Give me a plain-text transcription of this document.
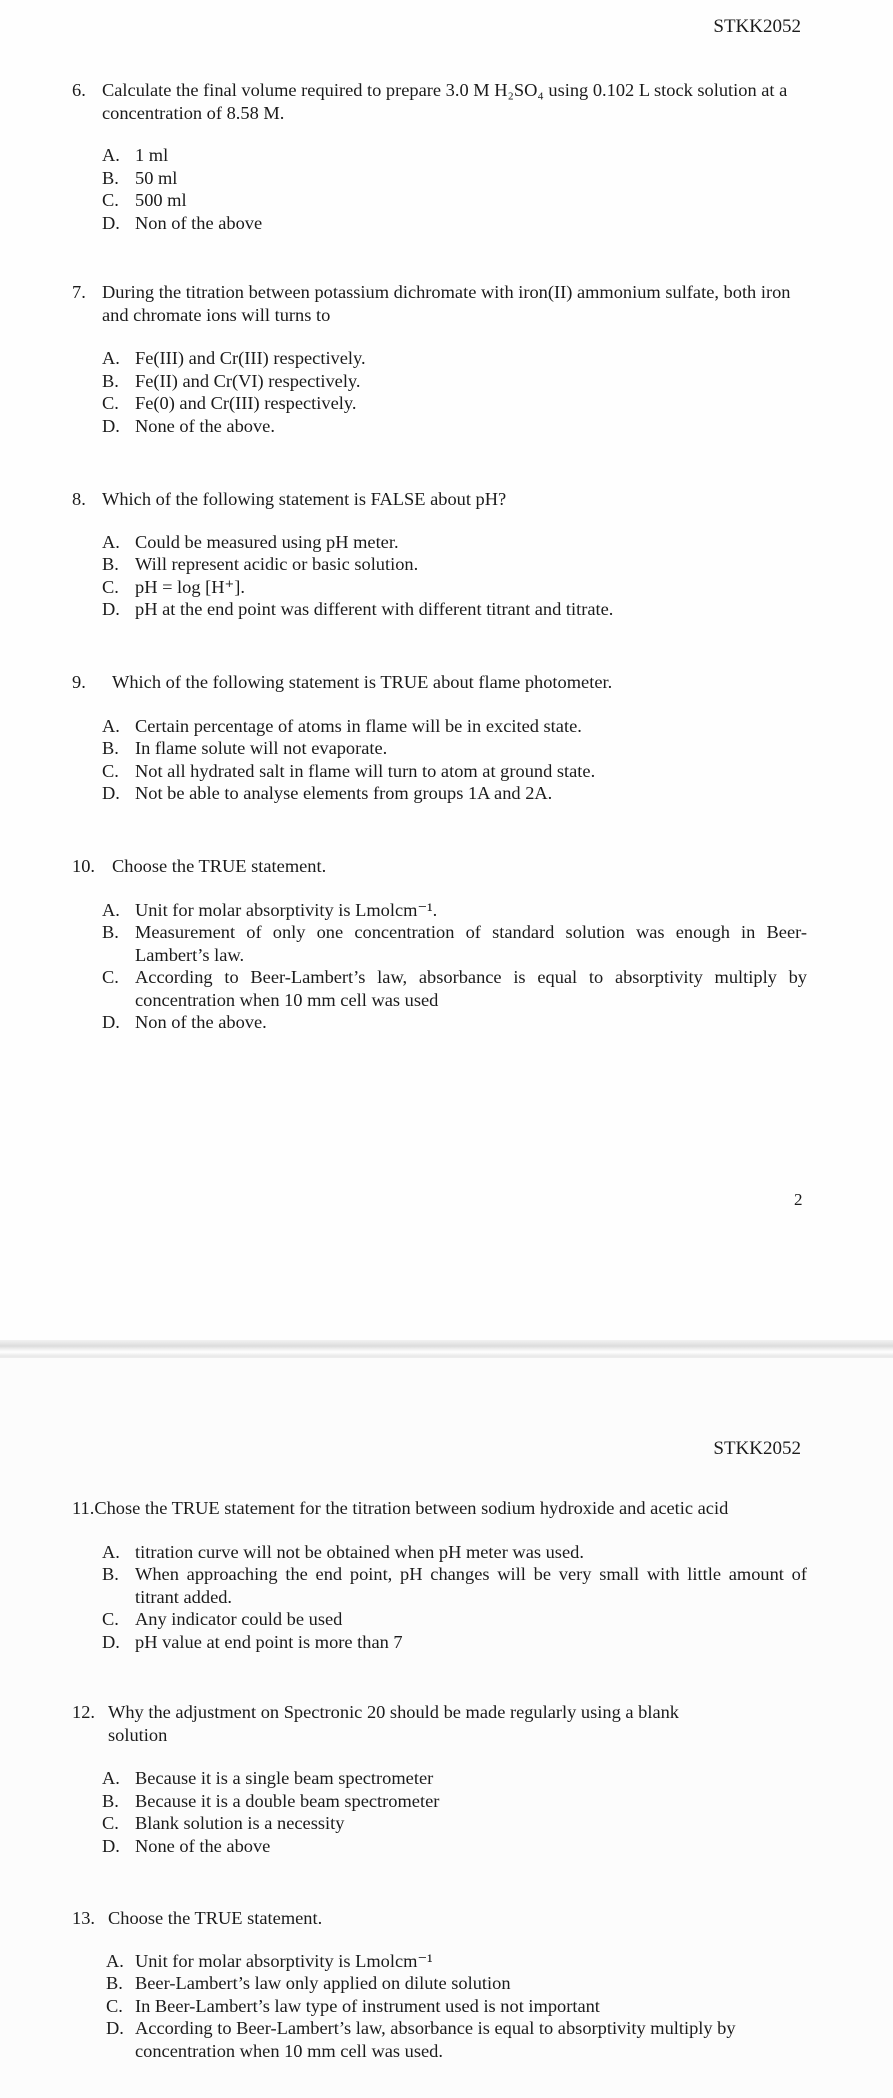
STKK2052
6. Calculate the final volume required to prepare 3.0 M H₂SO₄ using 0.102 L stock solution at a concentration of 8.58 M.
A. 1 ml
B. 50 ml
C. 500 ml
D. Non of the above
7. During the titration between potassium dichromate with iron(II) ammonium sulfate, both iron and chromate ions will turns to
A. Fe(III) and Cr(III) respectively.
B. Fe(II) and Cr(VI) respectively.
C. Fe(0) and Cr(III) respectively.
D. None of the above.
8. Which of the following statement is FALSE about pH?
A. Could be measured using pH meter.
B. Will represent acidic or basic solution.
C. pH = log [H⁺].
D. pH at the end point was different with different titrant and titrate.
9. Which of the following statement is TRUE about flame photometer.
A. Certain percentage of atoms in flame will be in excited state.
B. In flame solute will not evaporate.
C. Not all hydrated salt in flame will turn to atom at ground state.
D. Not be able to analyse elements from groups 1A and 2A.
10. Choose the TRUE statement.
A. Unit for molar absorptivity is Lmolcm⁻¹.
B. Measurement of only one concentration of standard solution was enough in Beer-Lambert’s law.
C. According to Beer-Lambert’s law, absorbance is equal to absorptivity multiply by concentration when 10 mm cell was used
D. Non of the above.
2
STKK2052
11.Chose the TRUE statement for the titration between sodium hydroxide and acetic acid
A. titration curve will not be obtained when pH meter was used.
B. When approaching the end point, pH changes will be very small with little amount of titrant added.
C. Any indicator could be used
D. pH value at end point is more than 7
12. Why the adjustment on Spectronic 20 should be made regularly using a blank solution
A. Because it is a single beam spectrometer
B. Because it is a double beam spectrometer
C. Blank solution is a necessity
D. None of the above
13. Choose the TRUE statement.
A. Unit for molar absorptivity is Lmolcm⁻¹
B. Beer-Lambert’s law only applied on dilute solution
C. In Beer-Lambert’s law type of instrument used is not important
D. According to Beer-Lambert’s law, absorbance is equal to absorptivity multiply by concentration when 10 mm cell was used.
